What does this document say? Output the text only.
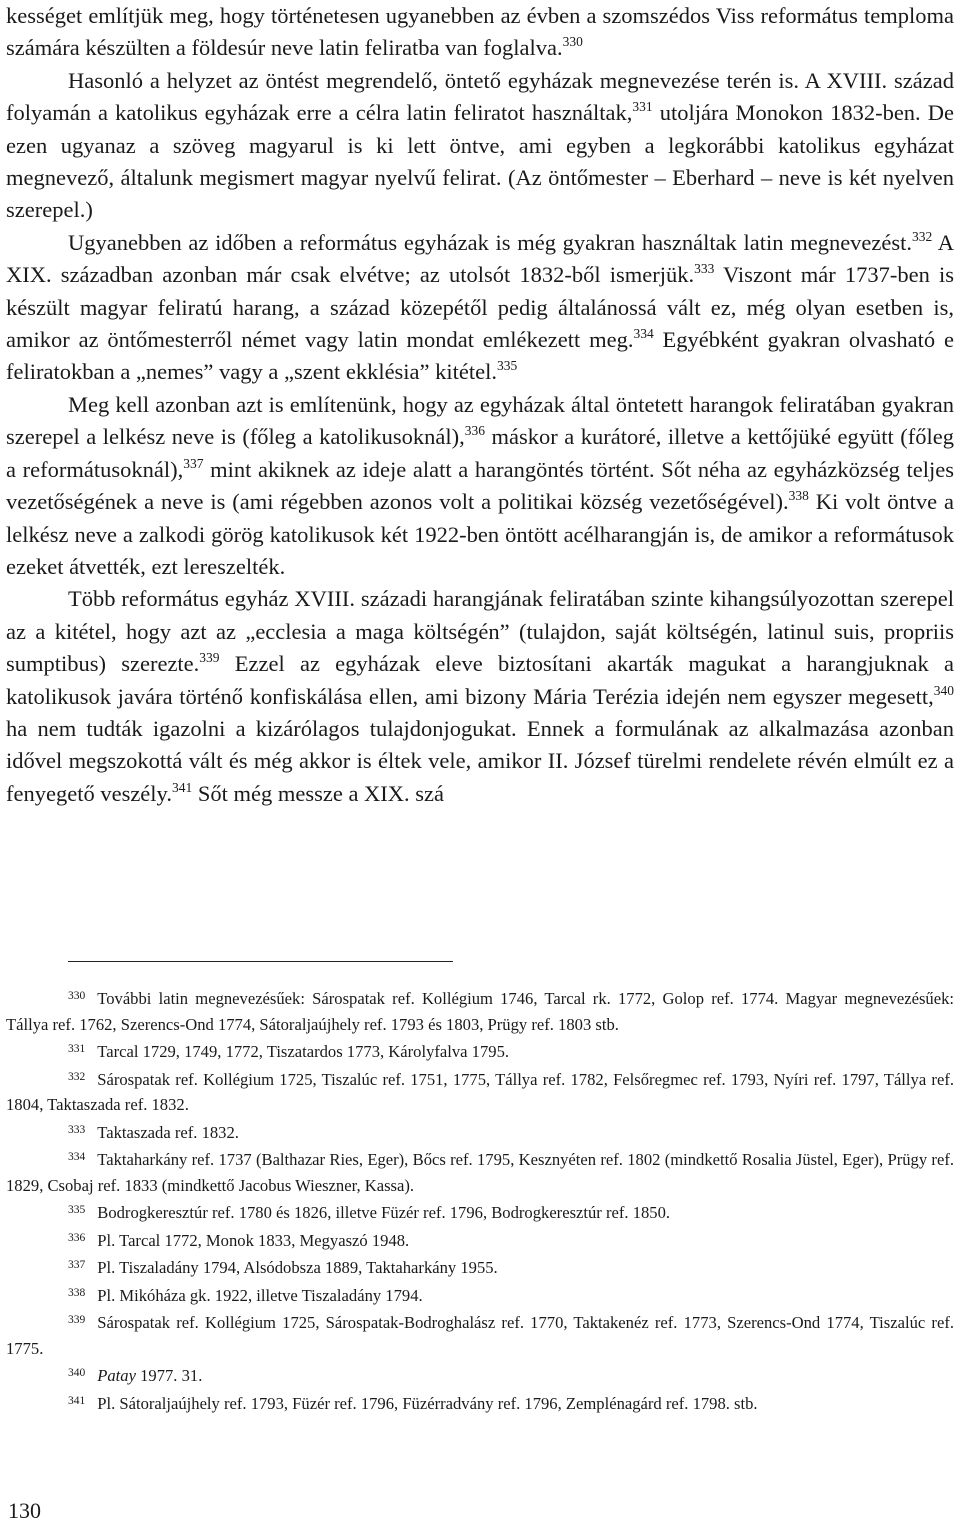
kességet említjük meg, hogy történetesen ugyanebben az évben a szomszédos Viss református temploma számára készülten a földesúr neve latin feliratba van foglalva.$^{330}$

Hasonló a helyzet az öntést megrendelő, öntető egyházak megnevezése terén is. A XVIII. század folyamán a katolikus egyházak erre a célra latin feliratot használtak,$^{331}$ utoljára Monokon 1832-ben. De ezen ugyanaz a szöveg magyarul is ki lett öntve, ami egyben a legkorábbi katolikus egyházat megnevező, általunk megismert magyar nyelvű felirat. (Az öntőmester – Eberhard – neve is két nyelven szerepel.)

Ugyanebben az időben a református egyházak is még gyakran használtak latin megnevezést.$^{332}$ A XIX. században azonban már csak elvétve; az utolsót 1832-ből ismerjük.$^{333}$ Viszont már 1737-ben is készült magyar feliratú harang, a század közepétől pedig általánossá vált ez, még olyan esetben is, amikor az öntőmesterről német vagy latin mondat emlékezett meg.$^{334}$ Egyébként gyakran olvasható e feliratokban a „nemes” vagy a „szent ekklésia” kitétel.$^{335}$

Meg kell azonban azt is említenünk, hogy az egyházak által öntetett harangok feliratában gyakran szerepel a lelkész neve is (főleg a katolikusoknál),$^{336}$ máskor a kurátoré, illetve a kettőjüké együtt (főleg a reformátusoknál),$^{337}$ mint akiknek az ideje alatt a harangöntés történt. Sőt néha az egyházközség teljes vezetőségének a neve is (ami régebben azonos volt a politikai község vezetőségével).$^{338}$ Ki volt öntve a lelkész neve a zalkodi görög katolikusok két 1922-ben öntött acélharangján is, de amikor a reformátusok ezeket átvették, ezt lereszelték.

Több református egyház XVIII. századi harangjának feliratában szinte kihangsúlyozottan szerepel az a kitétel, hogy azt az „ecclesia a maga költségén” (tulajdon, saját költségén, latinul suis, propriis sumptibus) szerezte.$^{339}$ Ezzel az egyházak eleve biztosítani akarták magukat a harangjuknak a katolikusok javára történő konfiskálása ellen, ami bizony Mária Terézia idején nem egyszer megesett,$^{340}$ ha nem tudták igazolni a kizárólagos tulajdonjogukat. Ennek a formulának az alkalmazása azonban idővel megszokottá vált és még akkor is éltek vele, amikor II. József türelmi rendelete révén elmúlt ez a fenyegető veszély.$^{341}$ Sőt még messze a XIX. szá

$^{330}$ További latin megnevezésűek: Sárospatak ref. Kollégium 1746, Tarcal rk. 1772, Golop ref. 1774. Magyar megnevezésűek: Tállya ref. 1762, Szerencs-Ond 1774, Sátoraljaújhely ref. 1793 és 1803, Prügy ref. 1803 stb.

$^{331}$ Tarcal 1729, 1749, 1772, Tiszatardos 1773, Károlyfalva 1795.

$^{332}$ Sárospatak ref. Kollégium 1725, Tiszalúc ref. 1751, 1775, Tállya ref. 1782, Felsőregmec ref. 1793, Nyíri ref. 1797, Tállya ref. 1804, Taktaszada ref. 1832.

$^{333}$ Taktaszada ref. 1832.

$^{334}$ Taktaharkány ref. 1737 (Balthazar Ries, Eger), Bőcs ref. 1795, Kesznyéten ref. 1802 (mindkettő Rosalia Jüstel, Eger), Prügy ref. 1829, Csobaj ref. 1833 (mindkettő Jacobus Wieszner, Kassa).

$^{335}$ Bodrogkeresztúr ref. 1780 és 1826, illetve Füzér ref. 1796, Bodrogkeresztúr ref. 1850.

$^{336}$ Pl. Tarcal 1772, Monok 1833, Megyaszó 1948.

$^{337}$ Pl. Tiszaladány 1794, Alsódobsza 1889, Taktaharkány 1955.

$^{338}$ Pl. Mikóháza gk. 1922, illetve Tiszaladány 1794.

$^{339}$ Sárospatak ref. Kollégium 1725, Sárospatak-Bodroghalász ref. 1770, Taktakenéz ref. 1773, Szerencs-Ond 1774, Tiszalúc ref. 1775.

$^{340}$ Patay 1977. 31.

$^{341}$ Pl. Sátoraljaújhely ref. 1793, Füzér ref. 1796, Füzérradvány ref. 1796, Zemplénagárd ref. 1798. stb.

130
